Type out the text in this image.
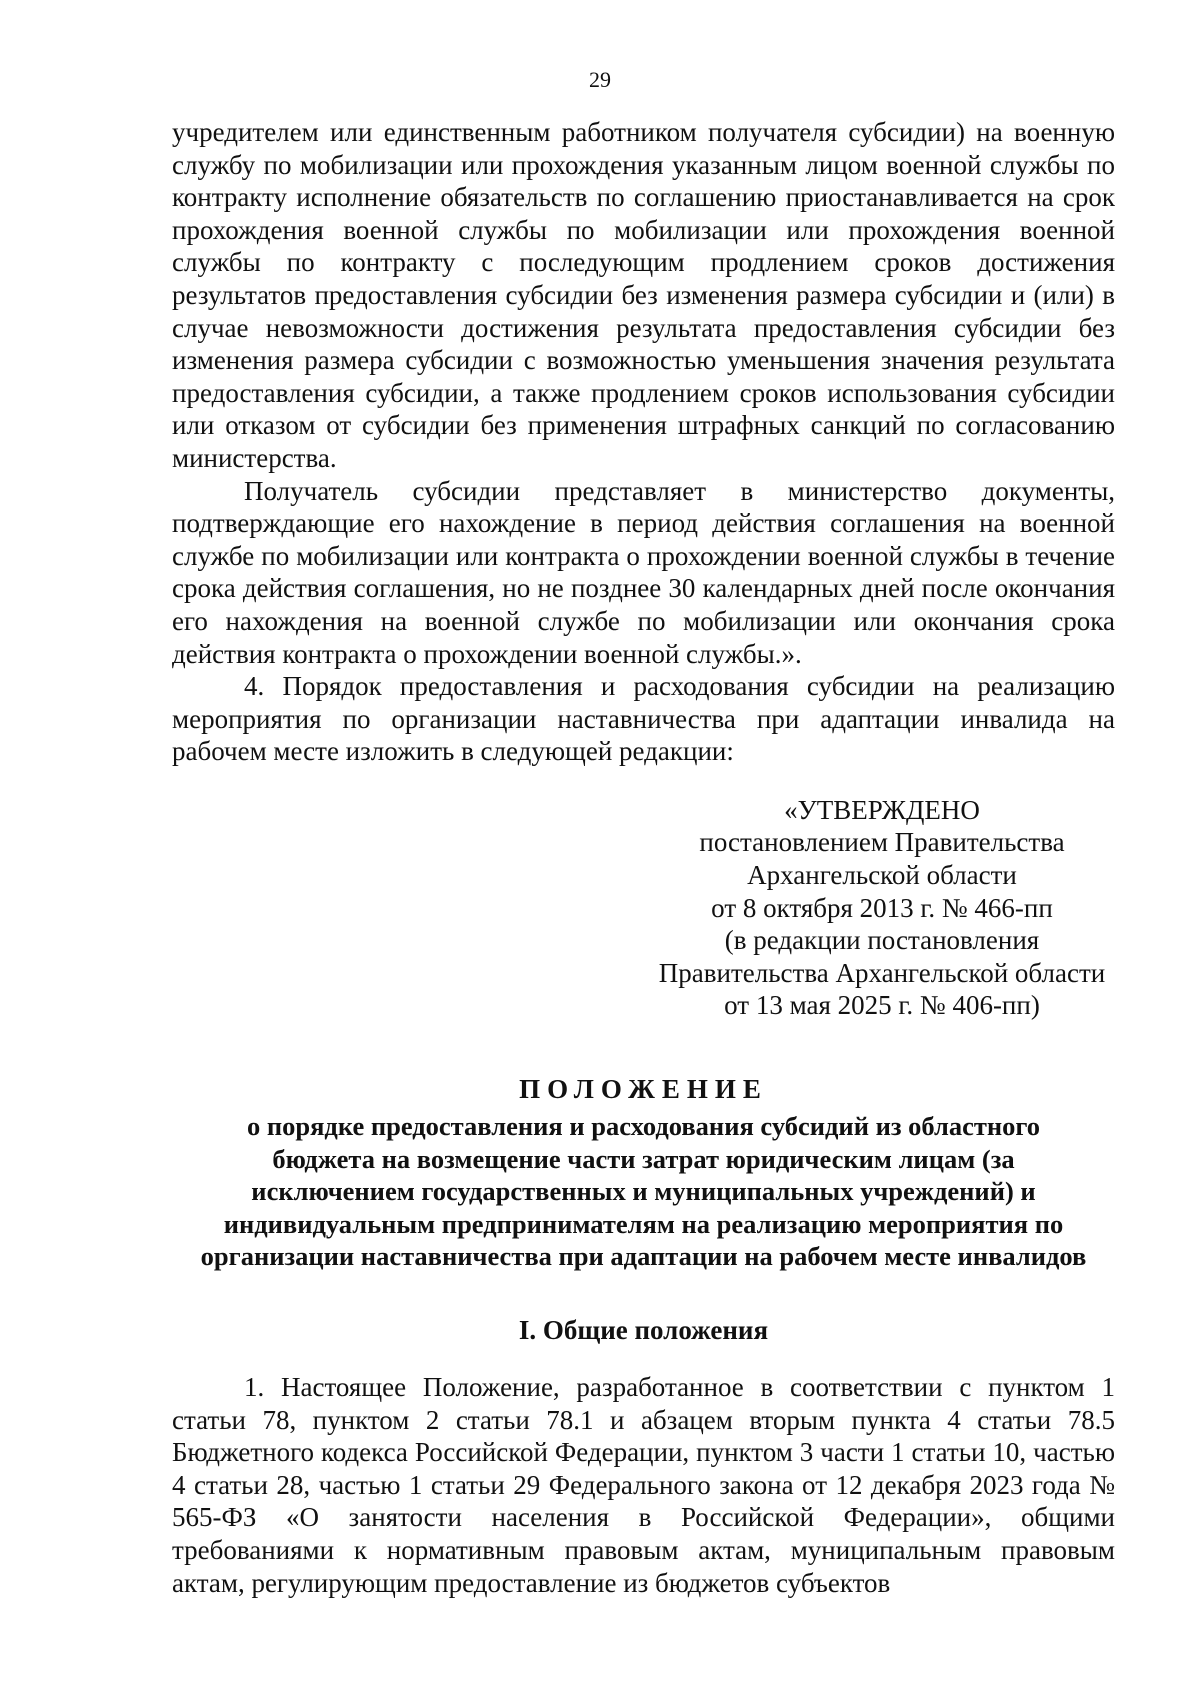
29

учредителем или единственным работником получателя субсидии) на военную службу по мобилизации или прохождения указанным лицом военной службы по контракту исполнение обязательств по соглашению приостанавливается на срок прохождения военной службы по мобилизации или прохождения военной службы по контракту с последующим продлением сроков достижения результатов предоставления субсидии без изменения размера субсидии и (или) в случае невозможности достижения результата предоставления субсидии без изменения размера субсидии с возможностью уменьшения значения результата предоставления субсидии, а также продлением сроков использования субсидии или отказом от субсидии без применения штрафных санкций по согласованию министерства.

Получатель субсидии представляет в министерство документы, подтверждающие его нахождение в период действия соглашения на военной службе по мобилизации или контракта о прохождении военной службы в течение срока действия соглашения, но не позднее 30 календарных дней после окончания его нахождения на военной службе по мобилизации или окончания срока действия контракта о прохождении военной службы.».

4. Порядок предоставления и расходования субсидии на реализацию мероприятия по организации наставничества при адаптации инвалида на рабочем месте изложить в следующей редакции:

«УТВЕРЖДЕНО
постановлением Правительства
Архангельской области
от 8 октября 2013 г. № 466-пп
(в редакции постановления
Правительства Архангельской области
от 13 мая 2025 г. № 406-пп)
ПОЛОЖЕНИЕ
о порядке предоставления и расходования субсидий из областного бюджета на возмещение части затрат юридическим лицам (за исключением государственных и муниципальных учреждений) и индивидуальным предпринимателям на реализацию мероприятия по организации наставничества при адаптации на рабочем месте инвалидов
I. Общие положения

1. Настоящее Положение, разработанное в соответствии с пунктом 1 статьи 78, пунктом 2 статьи 78.1 и абзацем вторым пункта 4 статьи 78.5 Бюджетного кодекса Российской Федерации, пунктом 3 части 1 статьи 10, частью 4 статьи 28, частью 1 статьи 29 Федерального закона от 12 декабря 2023 года № 565-ФЗ «О занятости населения в Российской Федерации», общими требованиями к нормативным правовым актам, муниципальным правовым актам, регулирующим предоставление из бюджетов субъектов
